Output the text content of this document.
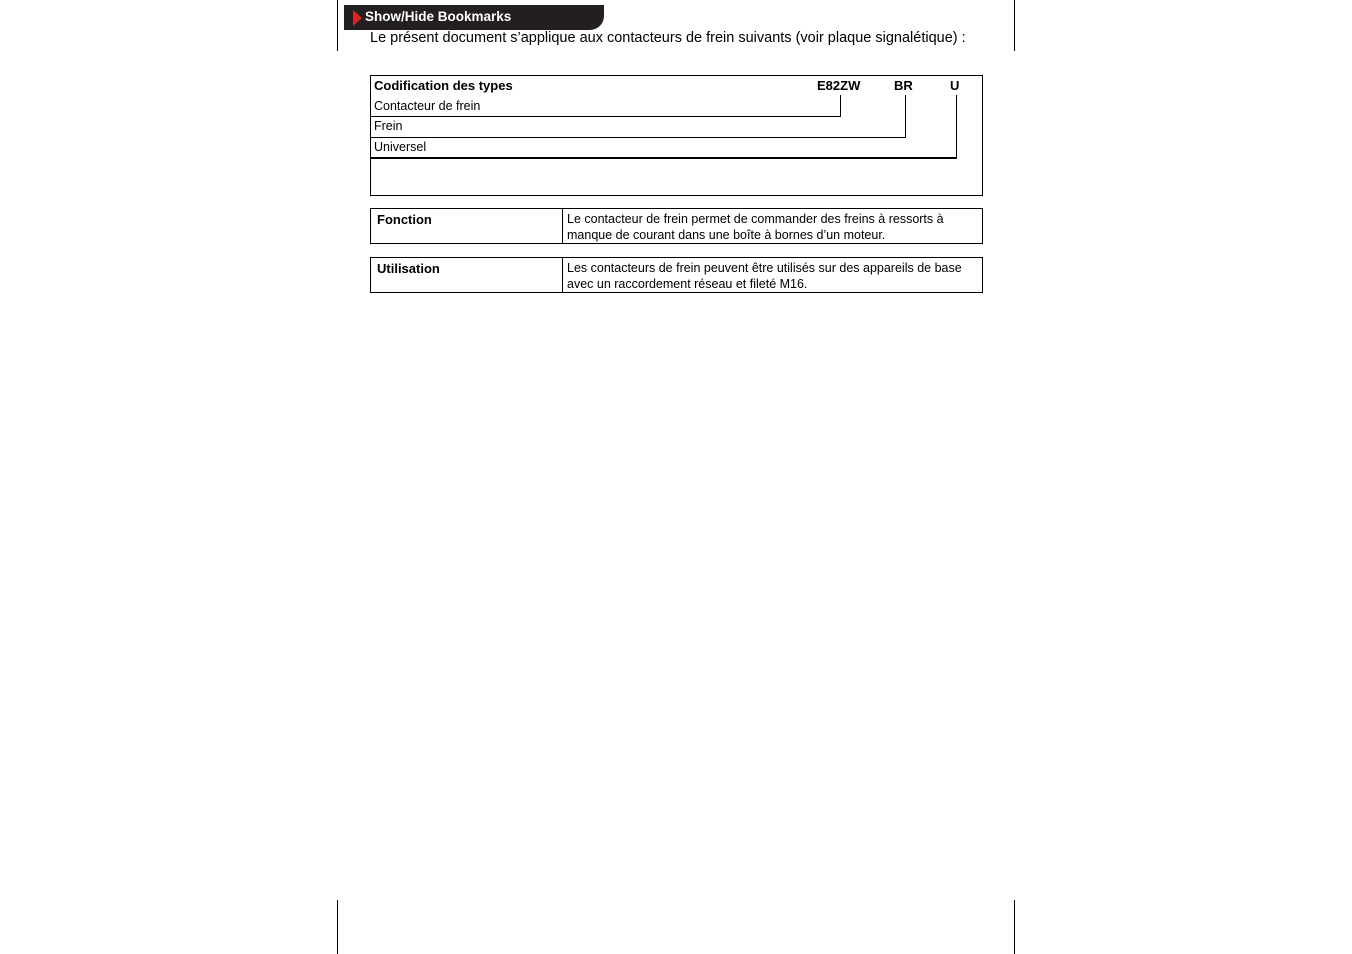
Show/Hide Bookmarks
Le présent document s’applique aux contacteurs de frein suivants (voir plaque signalétique) :
Codification des types	E82ZW	BR	U
Contacteur de frein
Frein
Universel
Fonction	Le contacteur de frein permet de commander des freins à ressorts à manque de courant dans une boîte à bornes d’un moteur.
Utilisation	Les contacteurs de frein peuvent être utilisés sur des appareils de base avec un raccordement réseau et fileté M16.
